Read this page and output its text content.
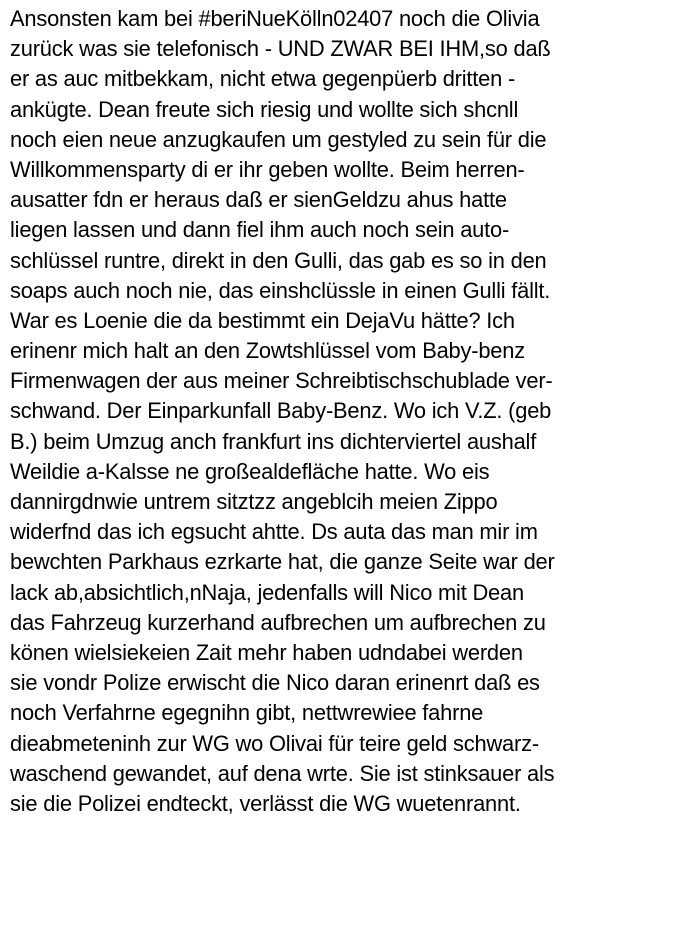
Ansonsten kam bei #beriNueKölln02407 noch die Olivia
zurück was sie telefonisch - UND ZWAR BEI IHM,so daß
er as auc mitbekkam, nicht etwa gegenpüerb dritten -
ankügte. Dean freute sich riesig und wollte sich shcnll
noch eien neue anzugkaufen um gestyled zu sein für die
Willkommensparty di er ihr geben wollte. Beim herren-
ausatter fdn er heraus daß er sienGeldzu ahus hatte
liegen lassen und dann fiel ihm auch noch sein auto-
schlüssel runtre, direkt in den Gulli, das gab es so in den
soaps auch noch nie, das einshclüssle in einen Gulli fällt.
War es Loenie die da bestimmt ein DejaVu hätte? Ich
erinenr mich halt an den Zowtshlüssel vom Baby-benz
Firmenwagen der aus meiner Schreibtischschublade ver-
schwand. Der Einparkunfall Baby-Benz. Wo ich V.Z. (geb
B.) beim Umzug anch frankfurt ins dichterviertel aushalf
Weildie a-Kalsse ne großealdefläche hatte. Wo eis
dannirgdnwie untrem sitztzz angeblcih meien Zippo
widerfnd das ich egsucht ahtte. Ds auta das man mir im
bewchten Parkhaus ezrkarte hat, die ganze Seite war der
lack ab,absichtlich,nNaja, jedenfalls will Nico mit Dean
das Fahrzeug kurzerhand aufbrechen um aufbrechen zu
könen wielsiekeien Zait mehr haben udndabei werden
sie vondr Polize erwischt die Nico daran erinenrt daß es
noch Verfahrne egegnihn gibt, nettwrewiee fahrne
dieabmeteninh zur WG wo Olivai für teire geld schwarz-
waschend gewandet, auf dena wrte. Sie ist stinksauer als
sie die Polizei endteckt, verlässt die WG wuetenrannt.
